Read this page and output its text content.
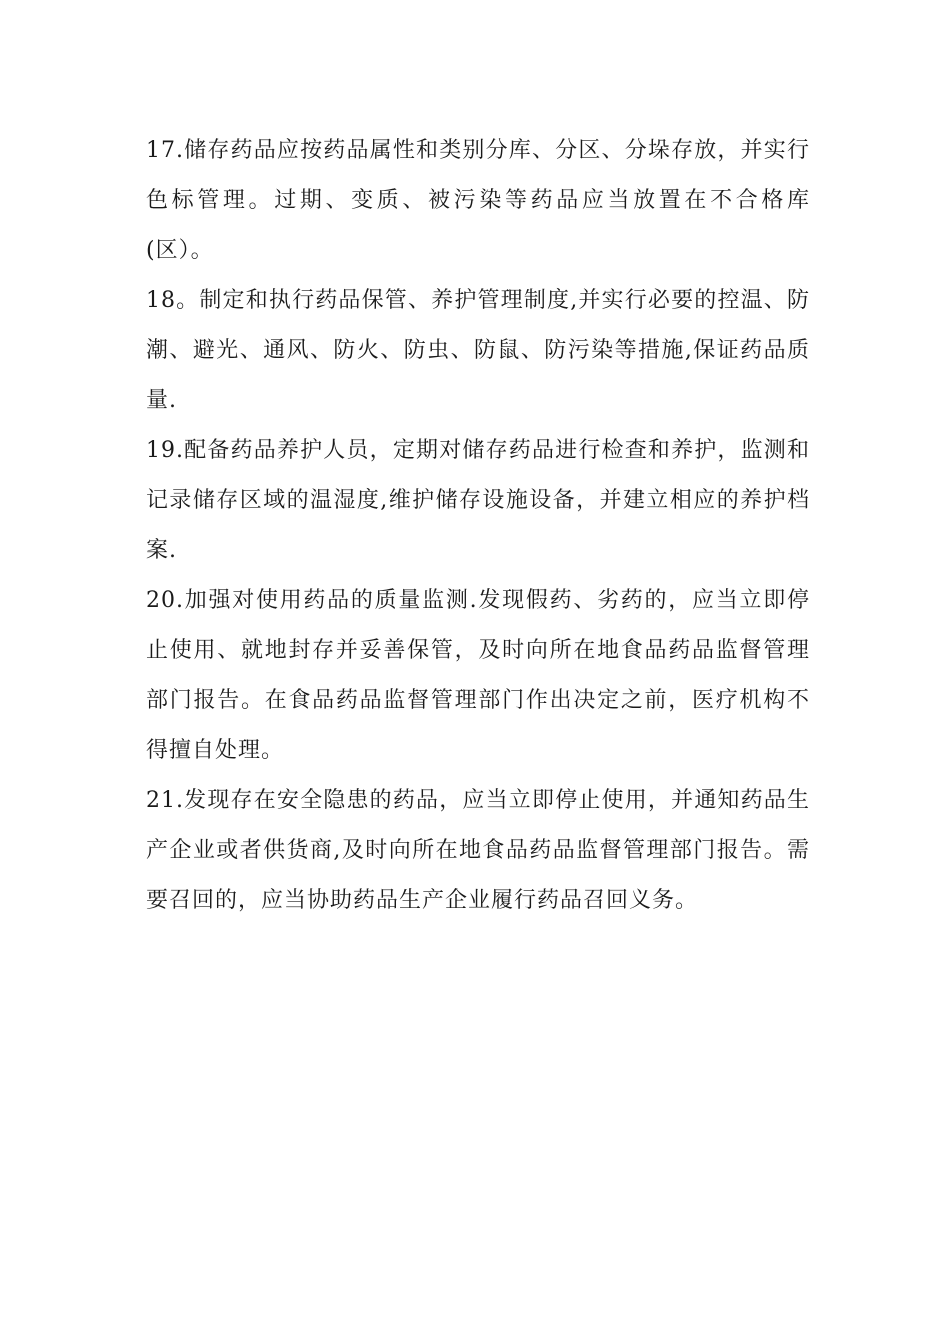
17.储存药品应按药品属性和类别分库、分区、分垛存放，并实行色标管理。过期、变质、被污染等药品应当放置在不合格库(区）。

18。制定和执行药品保管、养护管理制度,并实行必要的控温、防潮、避光、通风、防火、防虫、防鼠、防污染等措施,保证药品质量.

19.配备药品养护人员，定期对储存药品进行检查和养护，监测和记录储存区域的温湿度,维护储存设施设备，并建立相应的养护档案.

20.加强对使用药品的质量监测.发现假药、劣药的，应当立即停止使用、就地封存并妥善保管，及时向所在地食品药品监督管理部门报告。在食品药品监督管理部门作出决定之前，医疗机构不得擅自处理。

21.发现存在安全隐患的药品，应当立即停止使用，并通知药品生产企业或者供货商,及时向所在地食品药品监督管理部门报告。需要召回的，应当协助药品生产企业履行药品召回义务。
